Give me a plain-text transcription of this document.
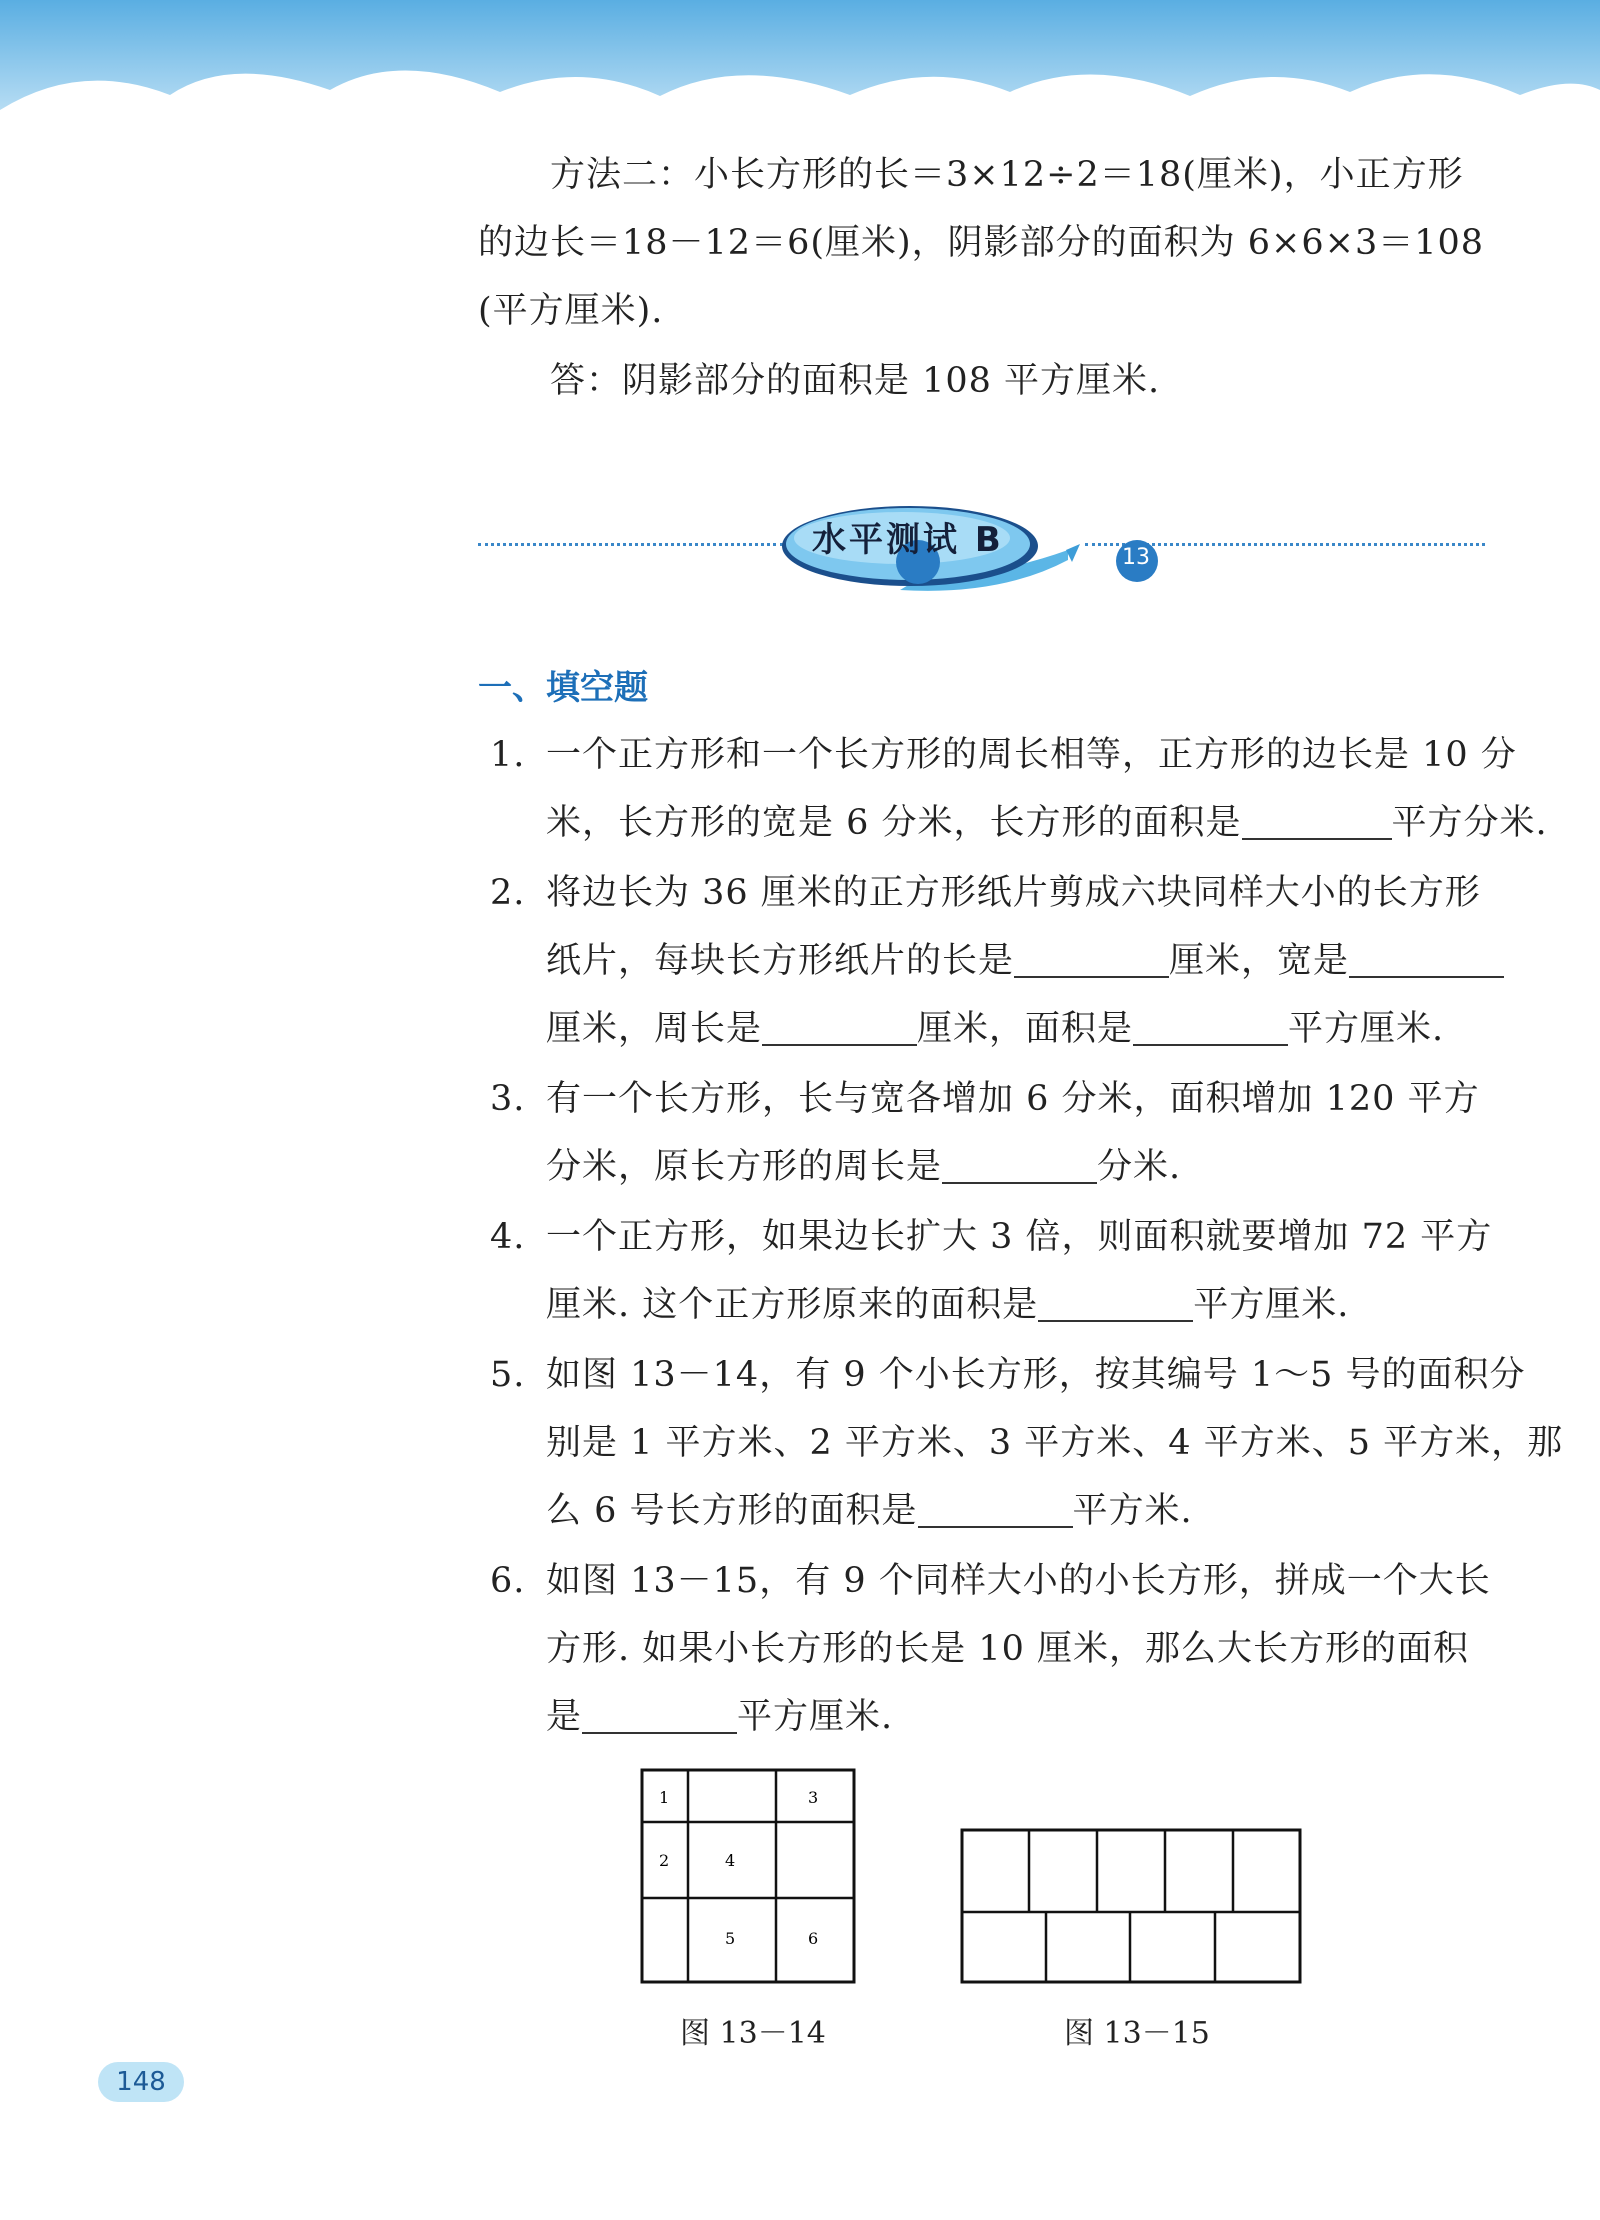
方法二：小长方形的长＝3×12÷2＝18(厘米)，小正方形
的边长＝18－12＝6(厘米)，阴影部分的面积为 6×6×3＝108
(平方厘米).
答：阴影部分的面积是 108 平方厘米.
水平测试 B	13
一、填空题
1. 一个正方形和一个长方形的周长相等，正方形的边长是 10 分
米，长方形的宽是 6 分米，长方形的面积是	平方分米.
2. 将边长为 36 厘米的正方形纸片剪成六块同样大小的长方形
纸片，每块长方形纸片的长是	厘米，宽是
厘米，周长是	厘米，面积是	平方厘米.
3. 有一个长方形，长与宽各增加 6 分米，面积增加 120 平方
分米，原长方形的周长是	分米.
4. 一个正方形，如果边长扩大 3 倍，则面积就要增加 72 平方
厘米. 这个正方形原来的面积是	平方厘米.
5. 如图 13－14，有 9 个小长方形，按其编号 1～5 号的面积分
别是 1 平方米、2 平方米、3 平方米、4 平方米、5 平方米，那
么 6 号长方形的面积是	平方米.
6. 如图 13－15，有 9 个同样大小的小长方形，拼成一个大长
方形. 如果小长方形的长是 10 厘米，那么大长方形的面积
是	平方厘米.
1	3
2	4
5	6
图 13－14	图 13－15
148
